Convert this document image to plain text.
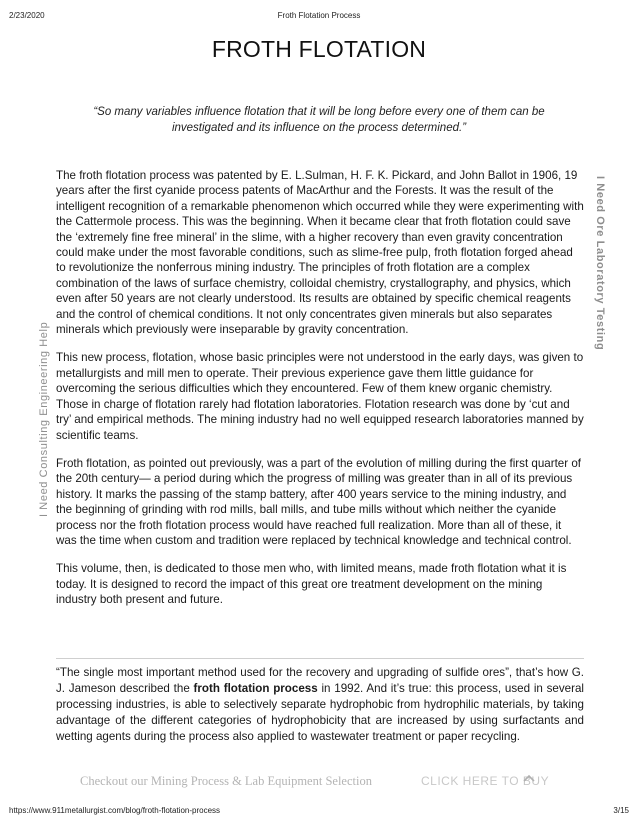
2/23/2020	Froth Flotation Process
FROTH FLOTATION
“So many variables influence flotation that it will be long before every one of them can be investigated and its influence on the process determined.”

The froth flotation process was patented by E. L.Sulman, H. F. K. Pickard, and John Ballot in 1906, 19 years after the first cyanide process patents of MacArthur and the Forests. It was the result of the intelligent recognition of a remarkable phenomenon which occurred while they were experimenting with the Cattermole process. This was the beginning. When it became clear that froth flotation could save the ‘extremely fine free mineral’ in the slime, with a higher recovery than even gravity concentration could make under the most favorable conditions, such as slime-free pulp, froth flotation forged ahead to revolutionize the nonferrous mining industry. The principles of froth flotation are a complex combination of the laws of surface chemistry, colloidal chemistry, crystallography, and physics, which even after 50 years are not clearly understood. Its results are obtained by specific chemical reagents and the control of chemical conditions. It not only concentrates given minerals but also separates minerals which previously were inseparable by gravity concentration.

This new process, flotation, whose basic principles were not understood in the early days, was given to metallurgists and mill men to operate. Their previous experience gave them little guidance for overcoming the serious difficulties which they encountered. Few of them knew organic chemistry. Those in charge of flotation rarely had flotation laboratories. Flotation research was done by ‘cut and try’ and empirical methods. The mining industry had no well equipped research laboratories manned by scientific teams.

Froth flotation, as pointed out previously, was a part of the evolution of milling during the first quarter of the 20th century— a period during which the progress of milling was greater than in all of its previous history. It marks the passing of the stamp battery, after 400 years service to the mining industry, and the beginning of grinding with rod mills, ball mills, and tube mills without which neither the cyanide process nor the froth flotation process would have reached full realization. More than all of these, it was the time when custom and tradition were replaced by technical knowledge and technical control.

This volume, then, is dedicated to those men who, with limited means, made froth flotation what it is today. It is designed to record the impact of this great ore treatment development on the mining industry both present and future.

“The single most important method used for the recovery and upgrading of sulfide ores”, that’s how G. J. Jameson described the froth flotation process in 1992. And it’s true: this process, used in several processing industries, is able to selectively separate hydrophobic from hydrophilic materials, by taking advantage of the different categories of hydrophobicity that are increased by using surfactants and wetting agents during the process also applied to wastewater treatment or paper recycling.
I Need Consulting Engineering Help
I Need Ore Laboratory Testing
Checkout our Mining Process & Lab Equipment Selection	CLICK HERE TO BUY
https://www.911metallurgist.com/blog/froth-flotation-process	3/15
